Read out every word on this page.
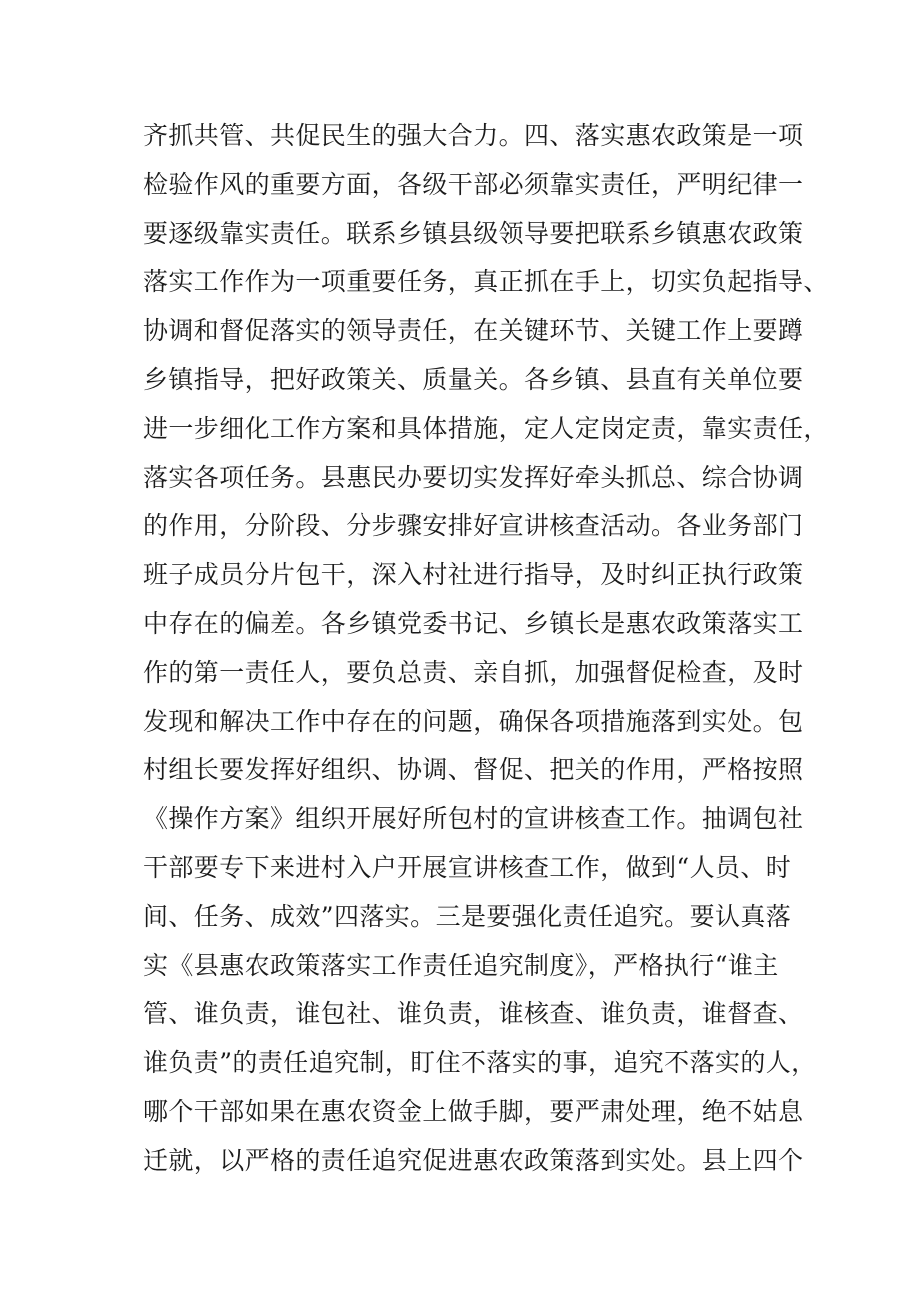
齐抓共管、共促民生的强大合力。四、落实惠农政策是一项
检验作风的重要方面，各级干部必须靠实责任，严明纪律一
要逐级靠实责任。联系乡镇县级领导要把联系乡镇惠农政策
落实工作作为一项重要任务，真正抓在手上，切实负起指导、
协调和督促落实的领导责任，在关键环节、关键工作上要蹲
乡镇指导，把好政策关、质量关。各乡镇、县直有关单位要
进一步细化工作方案和具体措施，定人定岗定责，靠实责任，
落实各项任务。县惠民办要切实发挥好牵头抓总、综合协调
的作用，分阶段、分步骤安排好宣讲核查活动。各业务部门
班子成员分片包干，深入村社进行指导，及时纠正执行政策
中存在的偏差。各乡镇党委书记、乡镇长是惠农政策落实工
作的第一责任人，要负总责、亲自抓，加强督促检查，及时
发现和解决工作中存在的问题，确保各项措施落到实处。包
村组长要发挥好组织、协调、督促、把关的作用，严格按照
《操作方案》组织开展好所包村的宣讲核查工作。抽调包社
干部要专下来进村入户开展宣讲核查工作，做到“人员、时
间、任务、成效”四落实。三是要强化责任追究。要认真落
实《县惠农政策落实工作责任追究制度》，严格执行“谁主
管、谁负责，谁包社、谁负责，谁核查、谁负责，谁督查、
谁负责”的责任追究制，盯住不落实的事，追究不落实的人，
哪个干部如果在惠农资金上做手脚，要严肃处理，绝不姑息
迁就，以严格的责任追究促进惠农政策落到实处。县上四个
